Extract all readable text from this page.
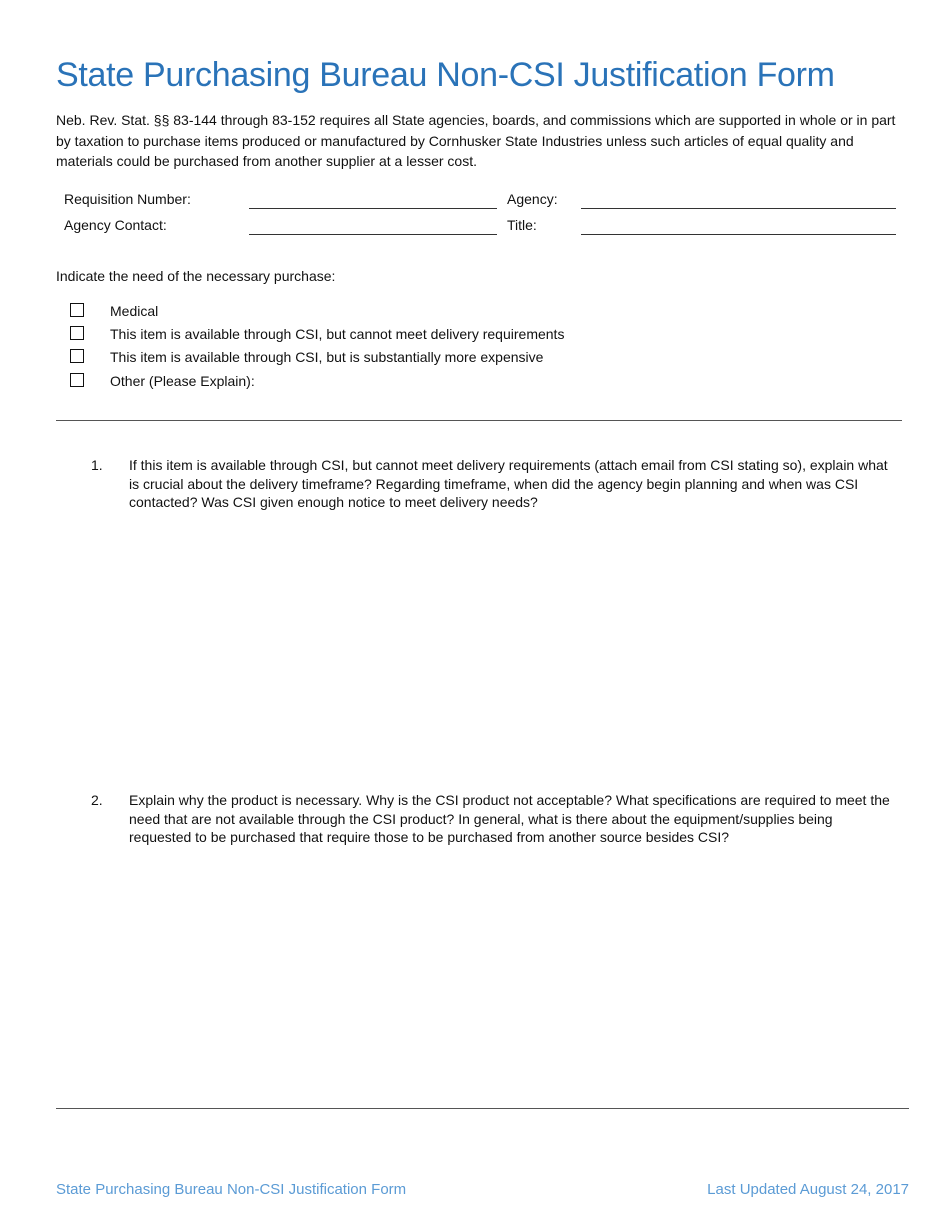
State Purchasing Bureau Non-CSI Justification Form

Neb. Rev. Stat. §§ 83-144 through 83-152 requires all State agencies, boards, and commissions which are supported in whole or in part by taxation to purchase items produced or manufactured by Cornhusker State Industries unless such articles of equal quality and materials could be purchased from another supplier at a lesser cost.

Requisition Number:	Agency:
Agency Contact:	Title:

Indicate the need of the necessary purchase:

Medical
This item is available through CSI, but cannot meet delivery requirements
This item is available through CSI, but is substantially more expensive
Other (Please Explain):
1. If this item is available through CSI, but cannot meet delivery requirements (attach email from CSI stating so), explain what is crucial about the delivery timeframe? Regarding timeframe, when did the agency begin planning and when was CSI contacted? Was CSI given enough notice to meet delivery needs?

2. Explain why the product is necessary. Why is the CSI product not acceptable? What specifications are required to meet the need that are not available through the CSI product? In general, what is there about the equipment/supplies being requested to be purchased that require those to be purchased from another source besides CSI?

State Purchasing Bureau Non-CSI Justification Form	Last Updated August 24, 2017
